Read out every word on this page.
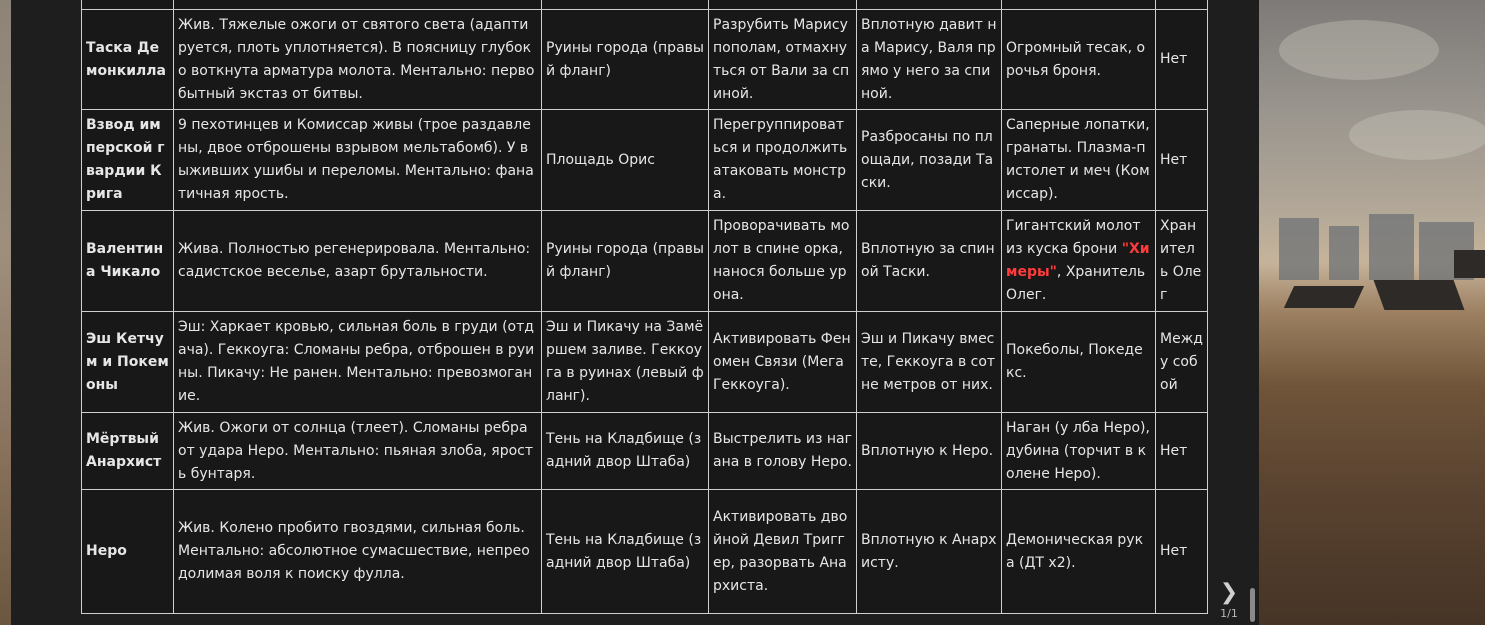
Таска Демонкилла	Жив. Тяжелые ожоги от святого света (адаптируется, плоть уплотняется). В поясницу глубоко воткнута арматура молота. Ментально: первобытный экстаз от битвы.	Руины города (правый фланг)	Разрубить Марису пополам, отмахнуться от Вали за спиной.	Вплотную давит на Марису, Валя прямо у него за спиной.	Огромный тесак, орочья броня.	Нет
Взвод имперской гвардии Крига	9 пехотинцев и Комиссар живы (трое раздавлены, двое отброшены взрывом мельтабомб). У выживших ушибы и переломы. Ментально: фанатичная ярость.	Площадь Орис	Перегруппироваться и продолжить атаковать монстра.	Разбросаны по площади, позади Таски.	Саперные лопатки, гранаты. Плазма-пистолет и меч (Комиссар).	Нет
Валентина Чикало	Жива. Полностью регенерировала. Ментально: садистское веселье, азарт брутальности.	Руины города (правый фланг)	Проворачивать молот в спине орка, нанося больше урона.	Вплотную за спиной Таски.	Гигантский молот из куска брони "Химеры", Хранитель Олег.	Хранитель Олег
Эш Кетчум и Покемоны	Эш: Харкает кровью, сильная боль в груди (отдача). Геккоуга: Сломаны ребра, отброшен в руины. Пикачу: Не ранен. Ментально: превозмогание.	Эш и Пикачу на Замёршем заливе. Геккоуга в руинах (левый фланг).	Активировать Феномен Связи (Мега Геккоуга).	Эш и Пикачу вместе, Геккоуга в сотне метров от них.	Покеболы, Покедекс.	Между собой
Мёртвый Анархист	Жив. Ожоги от солнца (тлеет). Сломаны ребра от удара Неро. Ментально: пьяная злоба, ярость бунтаря.	Тень на Кладбище (задний двор Штаба)	Выстрелить из нагана в голову Неро.	Вплотную к Неро.	Наган (у лба Неро), дубина (торчит в колене Неро).	Нет
Неро	Жив. Колено пробито гвоздями, сильная боль. Ментально: абсолютное сумасшествие, непреодолимая воля к поиску фулла.	Тень на Кладбище (задний двор Штаба)	Активировать двойной Девил Триггер, разорвать Анархиста.	Вплотную к Анархисту.	Демоническая рука (ДТ x2).	Нет
❯
1/1
